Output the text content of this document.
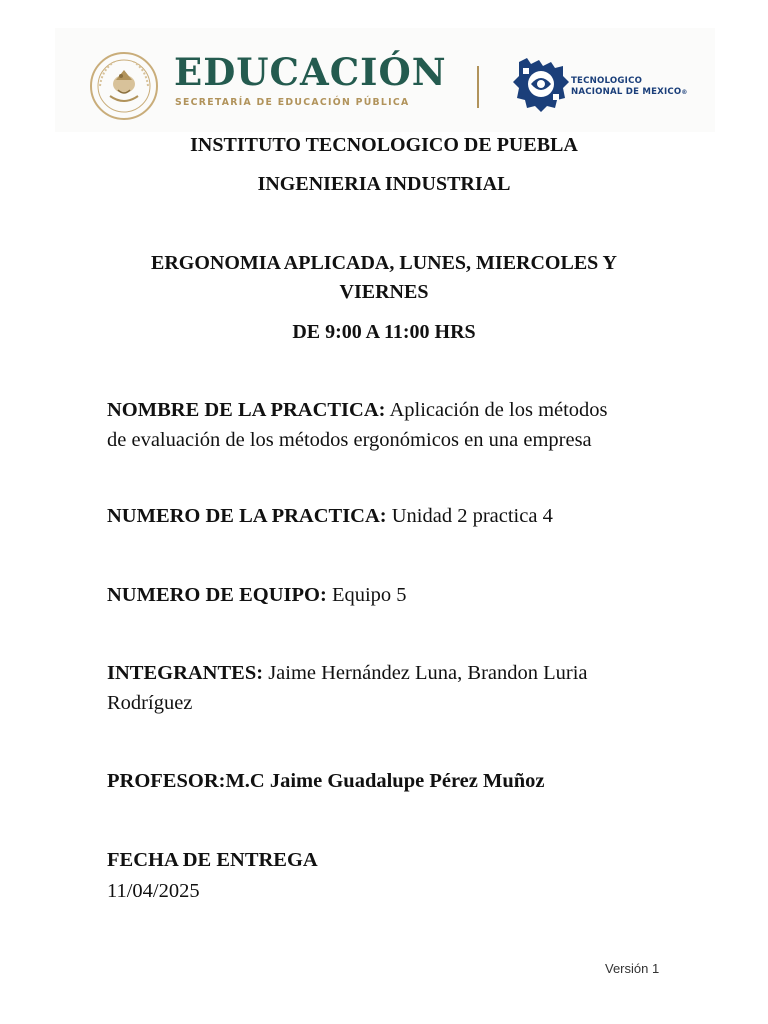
EDUCACIÓN
SECRETARÍA DE EDUCACIÓN PÚBLICA
TECNOLOGICO
NACIONAL DE MEXICO®
INSTITUTO TECNOLOGICO DE PUEBLA
INGENIERIA INDUSTRIAL
ERGONOMIA APLICADA, LUNES, MIERCOLES Y
VIERNES
DE 9:00 A 11:00 HRS
NOMBRE DE LA PRACTICA: Aplicación de los métodos
de evaluación de los métodos ergonómicos en una empresa
NUMERO DE LA PRACTICA: Unidad 2 practica 4
NUMERO DE EQUIPO: Equipo 5
INTEGRANTES: Jaime Hernández Luna, Brandon Luria
Rodríguez
PROFESOR:M.C Jaime Guadalupe Pérez Muñoz
FECHA DE ENTREGA
11/04/2025
Versión 1
